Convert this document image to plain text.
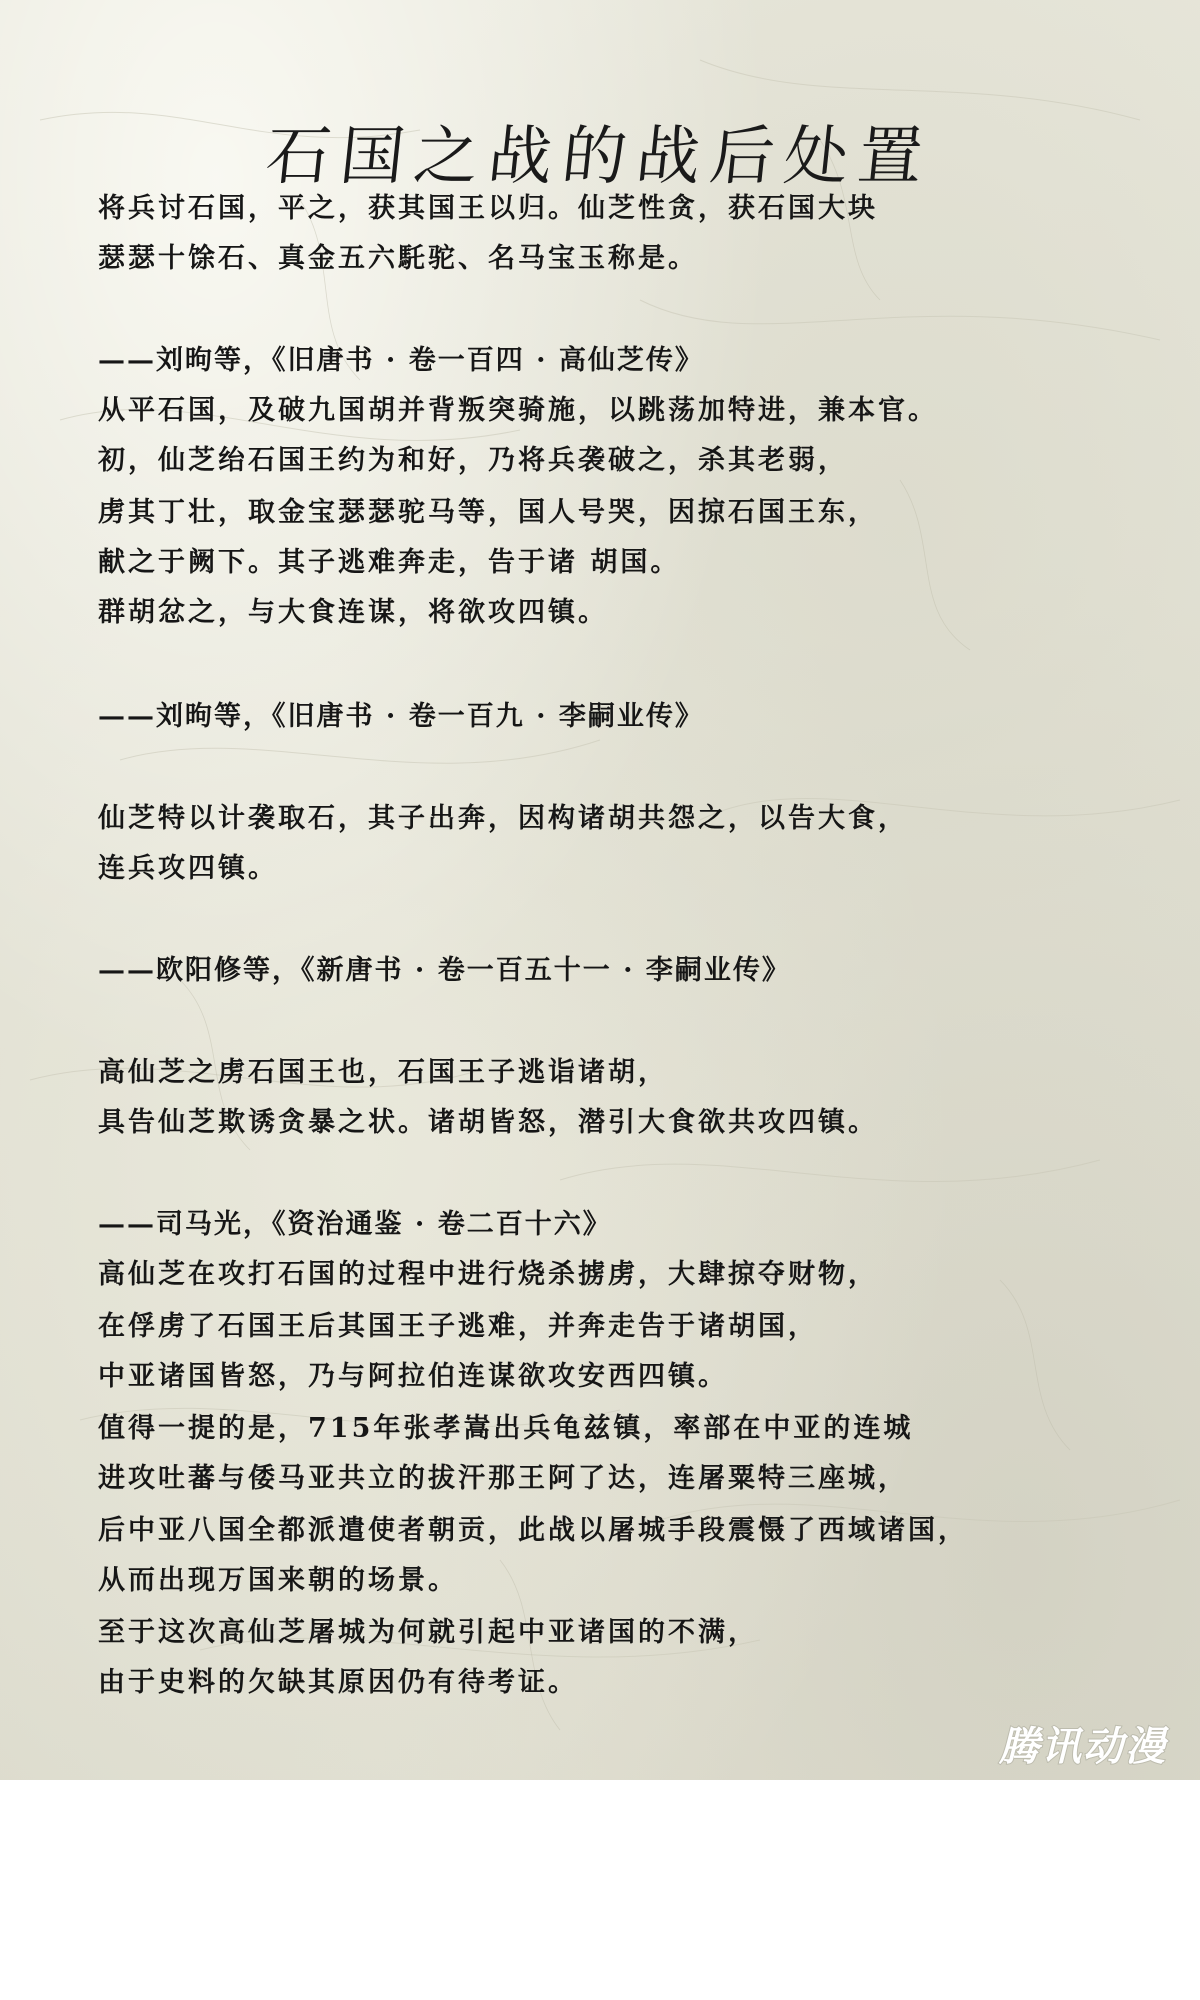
石国之战的战后处置

将兵讨石国，平之，获其国王以归。仙芝性贪，获石国大块

瑟瑟十馀石、真金五六馲驼、名马宝玉称是。

——刘昫等，《旧唐书 · 卷一百四 · 高仙芝传》

从平石国，及破九国胡并背叛突骑施，以跳荡加特进，兼本官。

初，仙芝绐石国王约为和好，乃将兵袭破之，杀其老弱，

虏其丁壮，取金宝瑟瑟驼马等，国人号哭，因掠石国王东，

献之于阙下。其子逃难奔走，告于诸 胡国。

群胡忿之，与大食连谋，将欲攻四镇。

——刘昫等，《旧唐书 · 卷一百九 · 李嗣业传》

仙芝特以计袭取石，其子出奔，因构诸胡共怨之，以告大食，

连兵攻四镇。

——欧阳修等，《新唐书 · 卷一百五十一 · 李嗣业传》

高仙芝之虏石国王也，石国王子逃诣诸胡，

具告仙芝欺诱贪暴之状。诸胡皆怒，潜引大食欲共攻四镇。

——司马光，《资治通鉴 · 卷二百十六》

高仙芝在攻打石国的过程中进行烧杀掳虏，大肆掠夺财物，

在俘虏了石国王后其国王子逃难，并奔走告于诸胡国，

中亚诸国皆怒，乃与阿拉伯连谋欲攻安西四镇。

值得一提的是，715年张孝嵩出兵龟兹镇，率部在中亚的连城

进攻吐蕃与倭马亚共立的拔汗那王阿了达，连屠粟特三座城，

后中亚八国全都派遣使者朝贡，此战以屠城手段震慑了西域诸国，

从而出现万国来朝的场景。

至于这次高仙芝屠城为何就引起中亚诸国的不满，

由于史料的欠缺其原因仍有待考证。

腾讯动漫
